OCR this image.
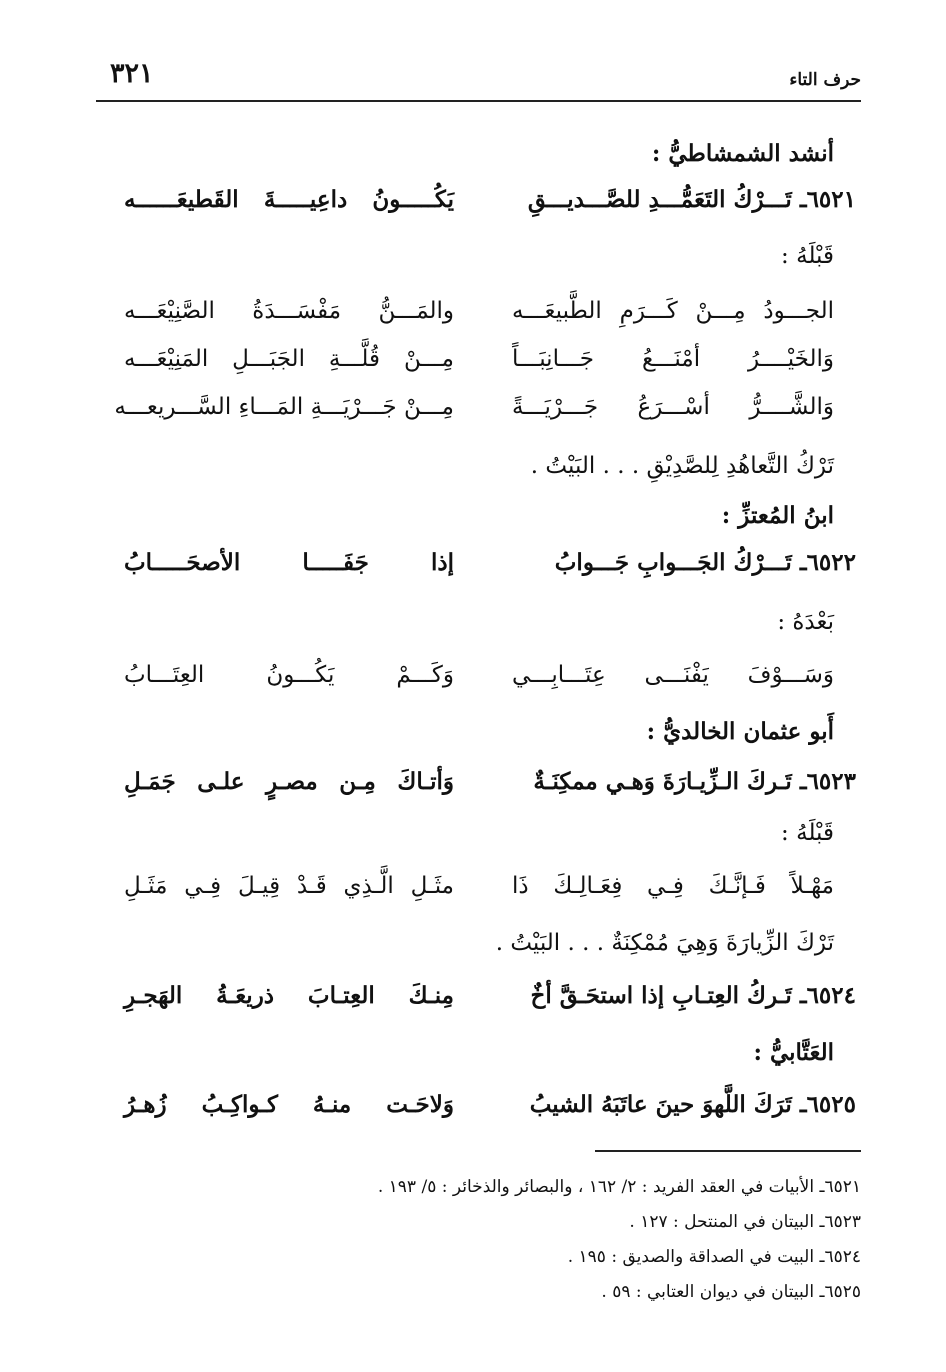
حرف التاء
٣٢١
أنشد الشمشاطيُّ :
٦٥٢١ـ تَـــرْكُ التَعَمُّـــدِ للصَّـــديـــقِ
يَكُـــــونُ داعِيـــــةَ القَطيعَــــــه
قَبْلَهُ :
الجـــودُ مِـــنْ كَـــرَمِ الطَّبيعَـــه
والمَـــنُّ مَفْسَـــدَةُ الصَّنِيْعَـــه
وَالخَيْــــرُ أمْنَـــعُ جَـــانِبَـــاً
مِـــنْ قُلَّـــةِ الجَبَـــلِ المَنِيْعَـــه
وَالشَّــــرُّ أسْـــرَعُ جَـــرْيَـــةً
مِـــنْ جَـــرْيَـــةِ المَـــاءِ السَّـــريعـــه
تَرْكُ التَّعاهُدِ لِلصَّدِيْقِ . . . البَيْتُ .
ابنُ المُعتزِّ :
٦٥٢٢ـ تَـــرْكُ الجَـــوابِ جَـــوابُ
إذا جَفَـــــا الأصحَـــــابُ
بَعْدَهُ :
وَسَـــوْفَ يَفْنَـــى عِتَـــابِـــي
وَكَـــمْ يَكُـــونُ العِتَـــابُ
أَبو عثمان الخالديُّ :
٦٥٢٣ـ تَـركَ الـزِّيـارَةَ وَهـي ممكِنَـةٌ
وَأتـاكَ مِـن مصـرٍ علـى جَمَـلِ
قَبْلَهُ :
مَهْـلاً فَـإنَّـكَ فِـي فِعَـالِـكَ ذَا
مثَـلِ الَّـذِي قَـدْ قِيـلَ فِـي مَثَـلِ
تَرْكَ الزِّيارَةَ وَهِيَ مُمْكِنَةٌ . . . البَيْتُ .
٦٥٢٤ـ تَـركُ العِتـابِ إذا استحَـقَّ أخٌ
مِنـكَ العِتـابَ ذريعَـةُ الهَجـرِ
العَتَّابيُّ :
٦٥٢٥ـ تَرَكَ اللَّهوَ حينَ عاتَبَهُ الشيبُ
وَلاحَـت منـهُ كـواكِـبُ زُهـرُ
٦٥٢١ـ الأبيات في العقد الفريد : ٢/ ١٦٢ ، والبصائر والذخائر : ٥/ ١٩٣ .
٦٥٢٣ـ البيتان في المنتحل : ١٢٧ .
٦٥٢٤ـ البيت في الصداقة والصديق : ١٩٥ .
٦٥٢٥ـ البيتان في ديوان العتابي : ٥٩ .
